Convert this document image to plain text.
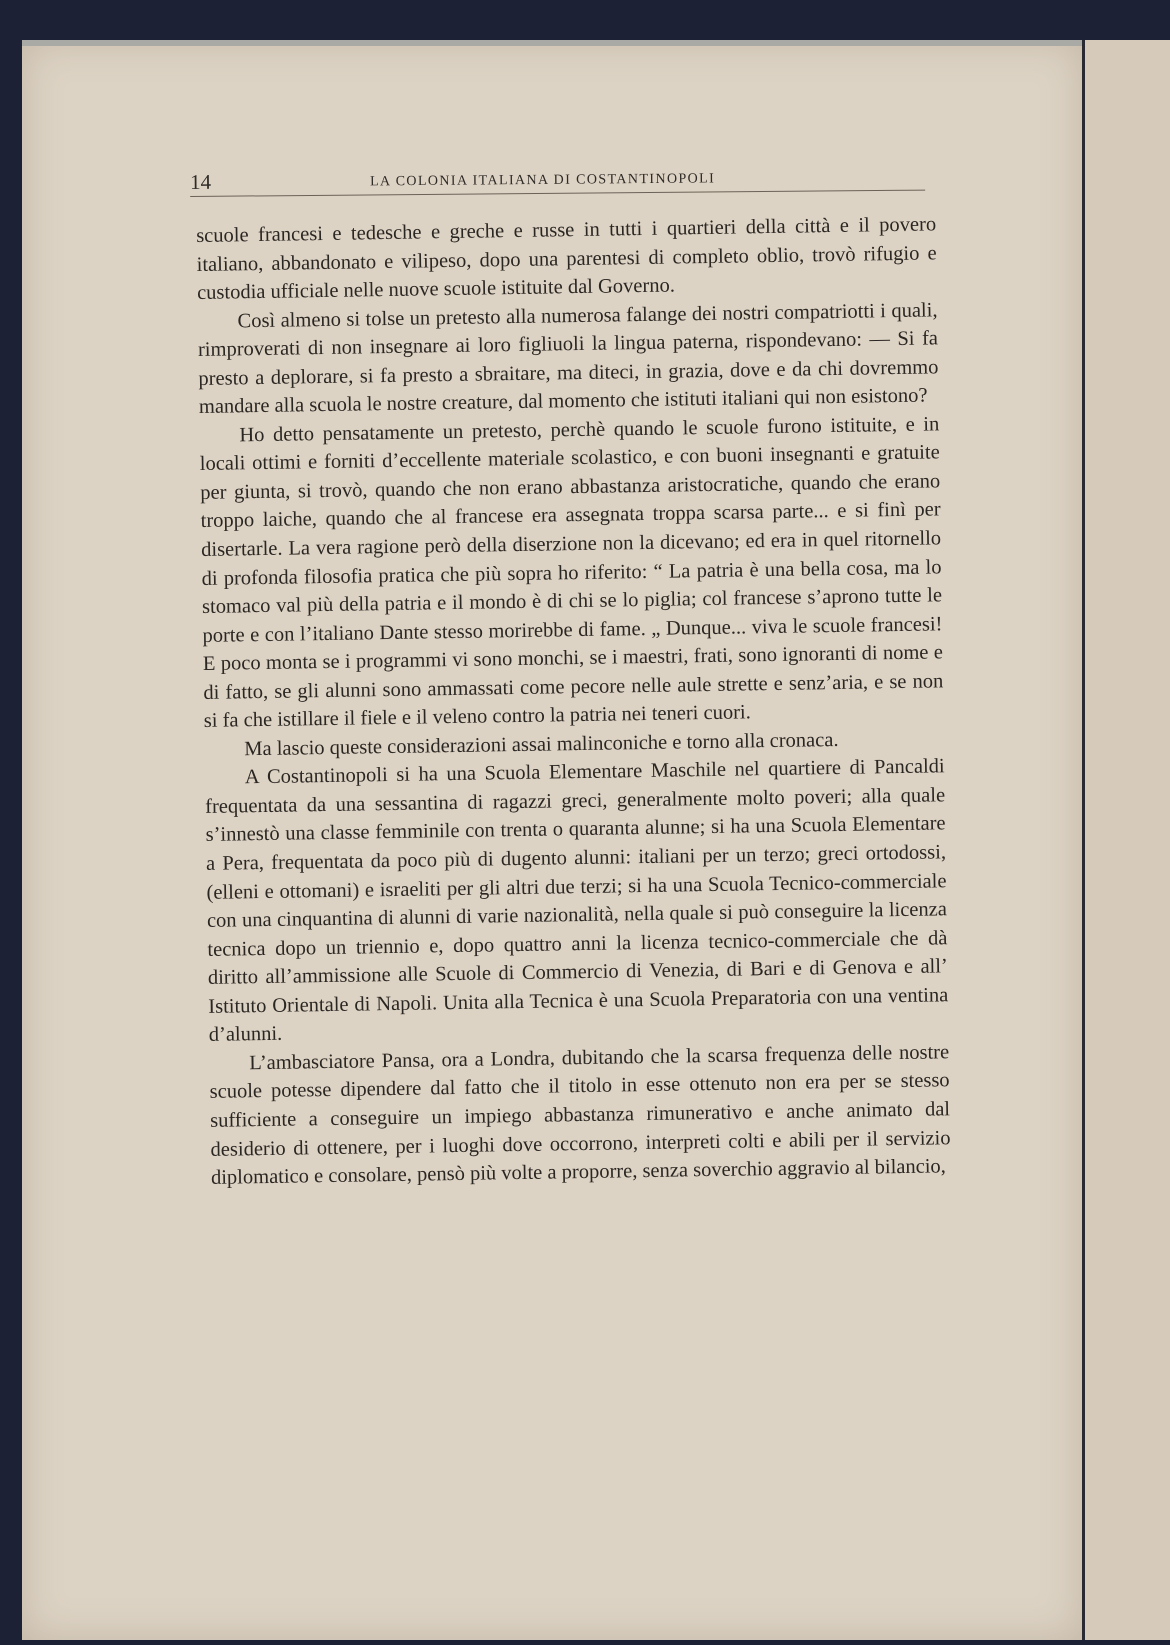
14	LA COLONIA ITALIANA DI COSTANTINOPOLI

scuole francesi e tedesche e greche e russe in tutti i quartieri della città e il povero italiano, abbandonato e vilipeso, dopo una parentesi di completo oblio, trovò rifugio e custodia ufficiale nelle nuove scuole istituite dal Governo.

Così almeno si tolse un pretesto alla numerosa falange dei nostri compatriotti i quali, rimproverati di non insegnare ai loro figliuoli la lingua paterna, rispondevano: — Si fa presto a deplorare, si fa presto a sbraitare, ma diteci, in grazia, dove e da chi dovremmo mandare alla scuola le nostre creature, dal momento che istituti italiani qui non esistono?

Ho detto pensatamente un pretesto, perchè quando le scuole furono istituite, e in locali ottimi e forniti d’eccellente materiale scolastico, e con buoni insegnanti e gratuite per giunta, si trovò, quando che non erano abbastanza aristocratiche, quando che erano troppo laiche, quando che al francese era assegnata troppa scarsa parte... e si finì per disertarle. La vera ragione però della diserzione non la dicevano; ed era in quel ritornello di profonda filosofia pratica che più sopra ho riferito: “ La patria è una bella cosa, ma lo stomaco val più della patria e il mondo è di chi se lo piglia; col francese s’aprono tutte le porte e con l’italiano Dante stesso morirebbe di fame. „ Dunque... viva le scuole francesi! E poco monta se i programmi vi sono monchi, se i maestri, frati, sono ignoranti di nome e di fatto, se gli alunni sono ammassati come pecore nelle aule strette e senz’aria, e se non si fa che istillare il fiele e il veleno contro la patria nei teneri cuori.

Ma lascio queste considerazioni assai malinconiche e torno alla cronaca.

A Costantinopoli si ha una Scuola Elementare Maschile nel quartiere di Pancaldi frequentata da una sessantina di ragazzi greci, generalmente molto poveri; alla quale s’innestò una classe femminile con trenta o quaranta alunne; si ha una Scuola Elementare a Pera, frequentata da poco più di dugento alunni: italiani per un terzo; greci ortodossi, (elleni e ottomani) e israeliti per gli altri due terzi; si ha una Scuola Tecnico-commerciale con una cinquantina di alunni di varie nazionalità, nella quale si può conseguire la licenza tecnica dopo un triennio e, dopo quattro anni la licenza tecnico-commerciale che dà diritto all’ammissione alle Scuole di Commercio di Venezia, di Bari e di Genova e all’ Istituto Orientale di Napoli. Unita alla Tecnica è una Scuola Preparatoria con una ventina d’alunni.

L’ambasciatore Pansa, ora a Londra, dubitando che la scarsa frequenza delle nostre scuole potesse dipendere dal fatto che il titolo in esse ottenuto non era per se stesso sufficiente a conseguire un impiego abbastanza rimunerativo e anche animato dal desiderio di ottenere, per i luoghi dove occorrono, interpreti colti e abili per il servizio diplomatico e consolare, pensò più volte a proporre, senza soverchio aggravio al bilancio,
